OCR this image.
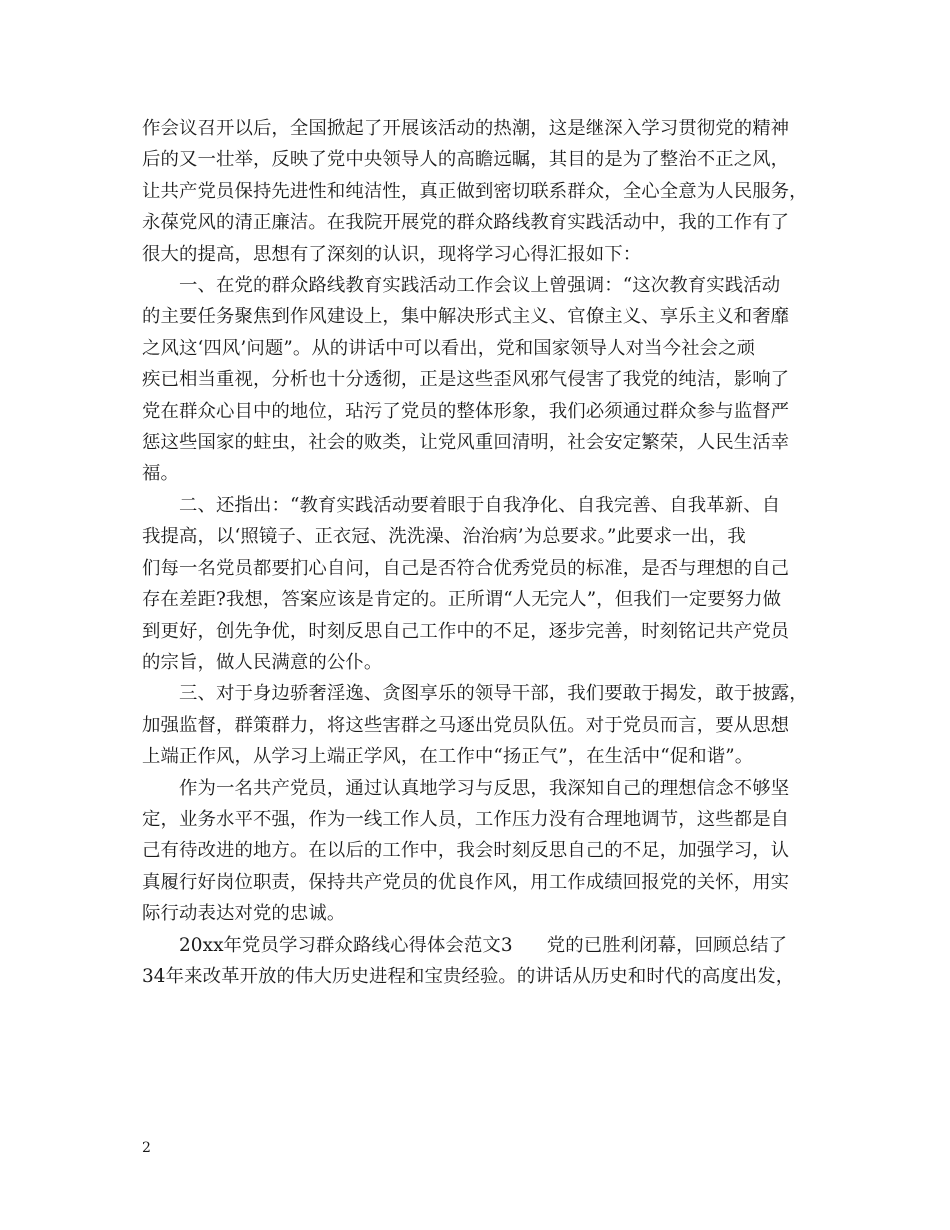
作会议召开以后，全国掀起了开展该活动的热潮，这是继深入学习贯彻党的精神
后的又一壮举，反映了党中央领导人的高瞻远瞩，其目的是为了整治不正之风，
让共产党员保持先进性和纯洁性，真正做到密切联系群众，全心全意为人民服务，
永葆党风的清正廉洁。在我院开展党的群众路线教育实践活动中，我的工作有了
很大的提高，思想有了深刻的认识，现将学习心得汇报如下：

一、在党的群众路线教育实践活动工作会议上曾强调：“这次教育实践活动
的主要任务聚焦到作风建设上，集中解决形式主义、官僚主义、享乐主义和奢靡
之风这‘四风’问题”。从的讲话中可以看出，党和国家领导人对当今社会之顽
疾已相当重视，分析也十分透彻，正是这些歪风邪气侵害了我党的纯洁，影响了
党在群众心目中的地位，玷污了党员的整体形象，我们必须通过群众参与监督严
惩这些国家的蛀虫，社会的败类，让党风重回清明，社会安定繁荣，人民生活幸
福。

二、还指出：“教育实践活动要着眼于自我净化、自我完善、自我革新、自
我提高，以‘照镜子、正衣冠、洗洗澡、治治病’为总要求。”此要求一出，我
们每一名党员都要扪心自问，自己是否符合优秀党员的标准，是否与理想的自己
存在差距?我想，答案应该是肯定的。正所谓“人无完人”，但我们一定要努力做
到更好，创先争优，时刻反思自己工作中的不足，逐步完善，时刻铭记共产党员
的宗旨，做人民满意的公仆。

三、对于身边骄奢淫逸、贪图享乐的领导干部，我们要敢于揭发，敢于披露，
加强监督，群策群力，将这些害群之马逐出党员队伍。对于党员而言，要从思想
上端正作风，从学习上端正学风，在工作中“扬正气”，在生活中“促和谐”。

作为一名共产党员，通过认真地学习与反思，我深知自己的理想信念不够坚
定，业务水平不强，作为一线工作人员，工作压力没有合理地调节，这些都是自
己有待改进的地方。在以后的工作中，我会时刻反思自己的不足，加强学习，认
真履行好岗位职责，保持共产党员的优良作风，用工作成绩回报党的关怀，用实
际行动表达对党的忠诚。

20xx年党员学习群众路线心得体会范文3 党的已胜利闭幕，回顾总结了
34年来改革开放的伟大历史进程和宝贵经验。的讲话从历史和时代的高度出发，

2
